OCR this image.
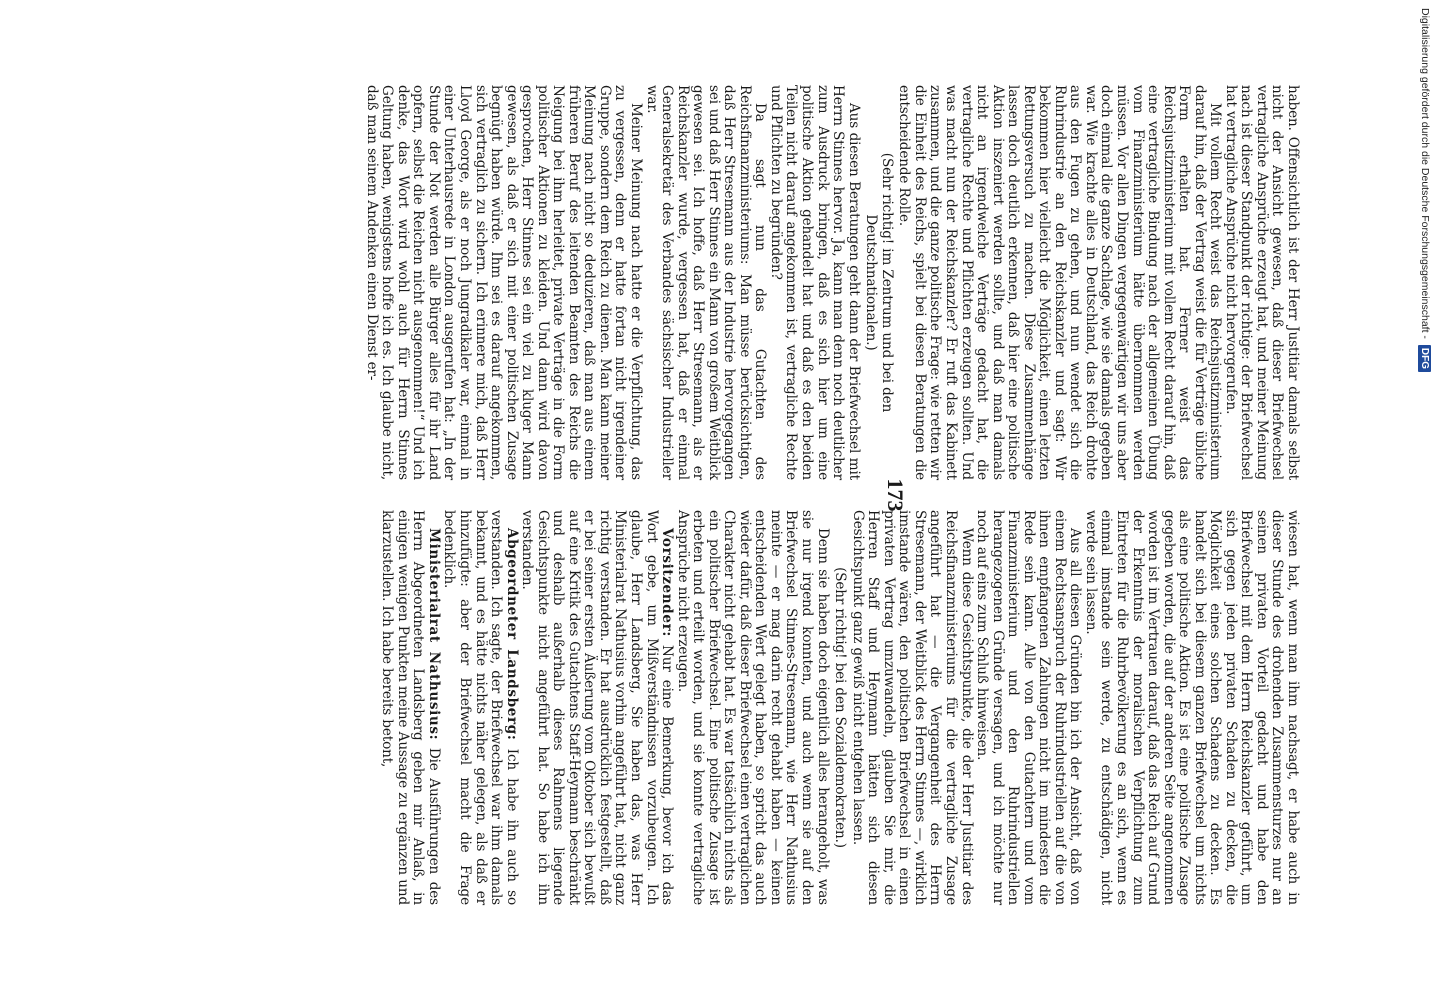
haben. Offensichtlich ist der Herr Justitiar damals selbst nicht der Ansicht gewesen, daß dieser Briefwechsel vertragliche Ansprüche erzeugt hat, und meiner Meinung nach ist dieser Standpunkt der richtige: der Briefwechsel hat vertragliche Ansprüche nicht hervorgerufen.

Mit vollem Recht weist das Reichsjustizministerium darauf hin, daß der Vertrag weist die für Verträge übliche Form erhalten hat. Ferner weist das Reichsjustizministerium mit vollem Recht darauf hin, daß eine vertragliche Bindung nach der allgemeinen Übung vom Finanzministerium hätte übernommen werden müssen. Vor allen Dingen vergegenwärtigen wir uns aber doch einmal die ganze Sachlage, wie sie damals gegeben war. Wie krachte alles in Deutschland, das Reich drohte aus den Fugen zu gehen, und nun wendet sich die Ruhrindustrie an den Reichskanzler und sagt: Wir bekommen hier vielleicht die Möglichkeit, einen letzten Rettungsversuch zu machen. Diese Zusammenhänge lassen doch deutlich erkennen, daß hier eine politische Aktion inszeniert werden sollte, und daß man damals nicht an irgendwelche Verträge gedacht hat, die vertragliche Rechte und Pflichten erzeugen sollten. Und was macht nun der Reichskanzler? Er ruft das Kabinett zusammen, und die ganze politische Frage: wie retten wir die Einheit des Reichs, spielt bei diesen Beratungen die entscheidende Rolle.

(Sehr richtig! im Zentrum und bei den Deutschnationalen.)

Aus diesen Beratungen geht dann der Briefwechsel mit Herrn Stinnes hervor. Ja, kann man denn noch deutlicher zum Ausdruck bringen, daß es sich hier um eine politische Aktion gehandelt hat und daß es den beiden Teilen nicht darauf angekommen ist, vertragliche Rechte und Pflichten zu begründen?

Da sagt nun das Gutachten des Reichsfinanzministeriums: Man müsse berücksichtigen, daß Herr Stresemann aus der Industrie hervorgegangen sei und daß Herr Stinnes ein Mann von großem Weitblick gewesen sei. Ich hoffe, daß Herr Stresemann, als er Reichskanzler wurde, vergessen hat, daß er einmal Generalsekretär des Verbandes sächsischer Industrieller war.

Meiner Meinung nach hatte er die Verpflichtung, das zu vergessen, denn er hatte fortan nicht irgendeiner Gruppe, sondern dem Reich zu dienen. Man kann meiner Meinung nach nicht so deduzieren, daß man aus einem früheren Beruf des leitenden Beamten des Reichs die Neigung bei ihm herleitet, private Verträge in die Form politischer Aktionen zu kleiden. Und dann wird davon gesprochen, Herr Stinnes sei ein viel zu kluger Mann gewesen, als daß er sich mit einer politischen Zusage begnügt haben würde. Ihm sei es darauf angekommen, sich vertraglich zu sichern. Ich erinnere mich, daß Herr Lloyd George, als er noch Jungradikaler war, einmal in einer Unterhausrede in London ausgerufen hat: „In der Stunde der Not werden alle Bürger alles für ihr Land opfern, selbst die Reichen nicht ausgenommen!“ Und ich denke, das Wort wird wohl auch für Herrn Stinnes Geltung haben, wenigstens hoffe ich es. Ich glaube nicht, daß man seinem Andenken einen Dienst er-

173

wiesen hat, wenn man ihm nachsagt, er habe auch in dieser Stunde des drohenden Zusammensturzes nur an seinen privaten Vorteil gedacht und habe den Briefwechsel mit dem Herrn Reichskanzler geführt, um sich gegen jeden privaten Schaden zu decken, die Möglichkeit eines solchen Schadens zu decken. Es handelt sich bei diesem ganzen Briefwechsel um nichts als eine politische Aktion. Es ist eine politische Zusage gegeben worden, die auf der anderen Seite angenommen worden ist im Vertrauen darauf, daß das Reich auf Grund der Erkenntnis der moralischen Verpflichtung zum Eintreten für die Ruhrbevölkerung es an sich, wenn es einmal imstande sein werde, zu entschädigen, nicht werde sein lassen.

Aus all diesen Gründen bin ich der Ansicht, daß von einem Rechtsanspruch der Ruhrindustriellen auf die von ihnen empfangenen Zahlungen nicht im mindesten die Rede sein kann. Alle von den Gutachtern und vom Finanzministerium und den Ruhrindustriellen herangezogenen Gründe versagen, und ich möchte nur noch auf eins zum Schluß hinweisen.

Wenn diese Gesichtspunkte, die der Herr Justitiar des Reichsfinanzministeriums für die vertragliche Zusage angeführt hat — die Vergangenheit des Herrn Stresemann, der Weitblick des Herrn Stinnes —, wirklich imstande wären, den politischen Briefwechsel in einen privaten Vertrag umzuwandeln, glauben Sie mir, die Herren Staff und Heymann hätten sich diesen Gesichtspunkt ganz gewiß nicht entgehen lassen.

(Sehr richtig! bei den Sozialdemokraten.)

Denn sie haben doch eigentlich alles herangeholt, was sie nur irgend konnten, und auch wenn sie auf den Briefwechsel Stinnes-Stresemann, wie Herr Nathusius meinte — er mag darin recht gehabt haben — keinen entscheidenden Wert gelegt haben, so spricht das auch wieder dafür, daß dieser Briefwechsel einen vertraglichen Charakter nicht gehabt hat. Es war tatsächlich nichts als ein politischer Briefwechsel. Eine politische Zusage ist erbeten und erteilt worden, und sie konnte vertragliche Ansprüche nicht erzeugen.

Vorsitzender: Nur eine Bemerkung, bevor ich das Wort gebe, um Mißverständnissen vorzubeugen. Ich glaube, Herr Landsberg, Sie haben das, was Herr Ministerialrat Nathusius vorhin angeführt hat, nicht ganz richtig verstanden. Er hat ausdrücklich festgestellt, daß er bei seiner ersten Äußerung vom Oktober sich bewußt auf eine Kritik des Gutachtens Staff-Heymann beschränkt und deshalb außerhalb dieses Rahmens liegende Gesichtspunkte nicht angeführt hat. So habe ich ihn verstanden.

Abgeordneter Landsberg: Ich habe ihn auch so verstanden. Ich sagte, der Briefwechsel war ihm damals bekannt, und es hätte nichts näher gelegen, als daß er hinzufügte: aber der Briefwechsel macht die Frage bedenklich.

Ministerialrat Nathusius: Die Ausführungen des Herrn Abgeordneten Landsberg geben mir Anlaß, in einigen wenigen Punkten meine Aussage zu ergänzen und klarzustellen. Ich habe bereits betont,

Digitalisierung gefördert durch die Deutsche Forschungsgemeinschaft -
DFG
